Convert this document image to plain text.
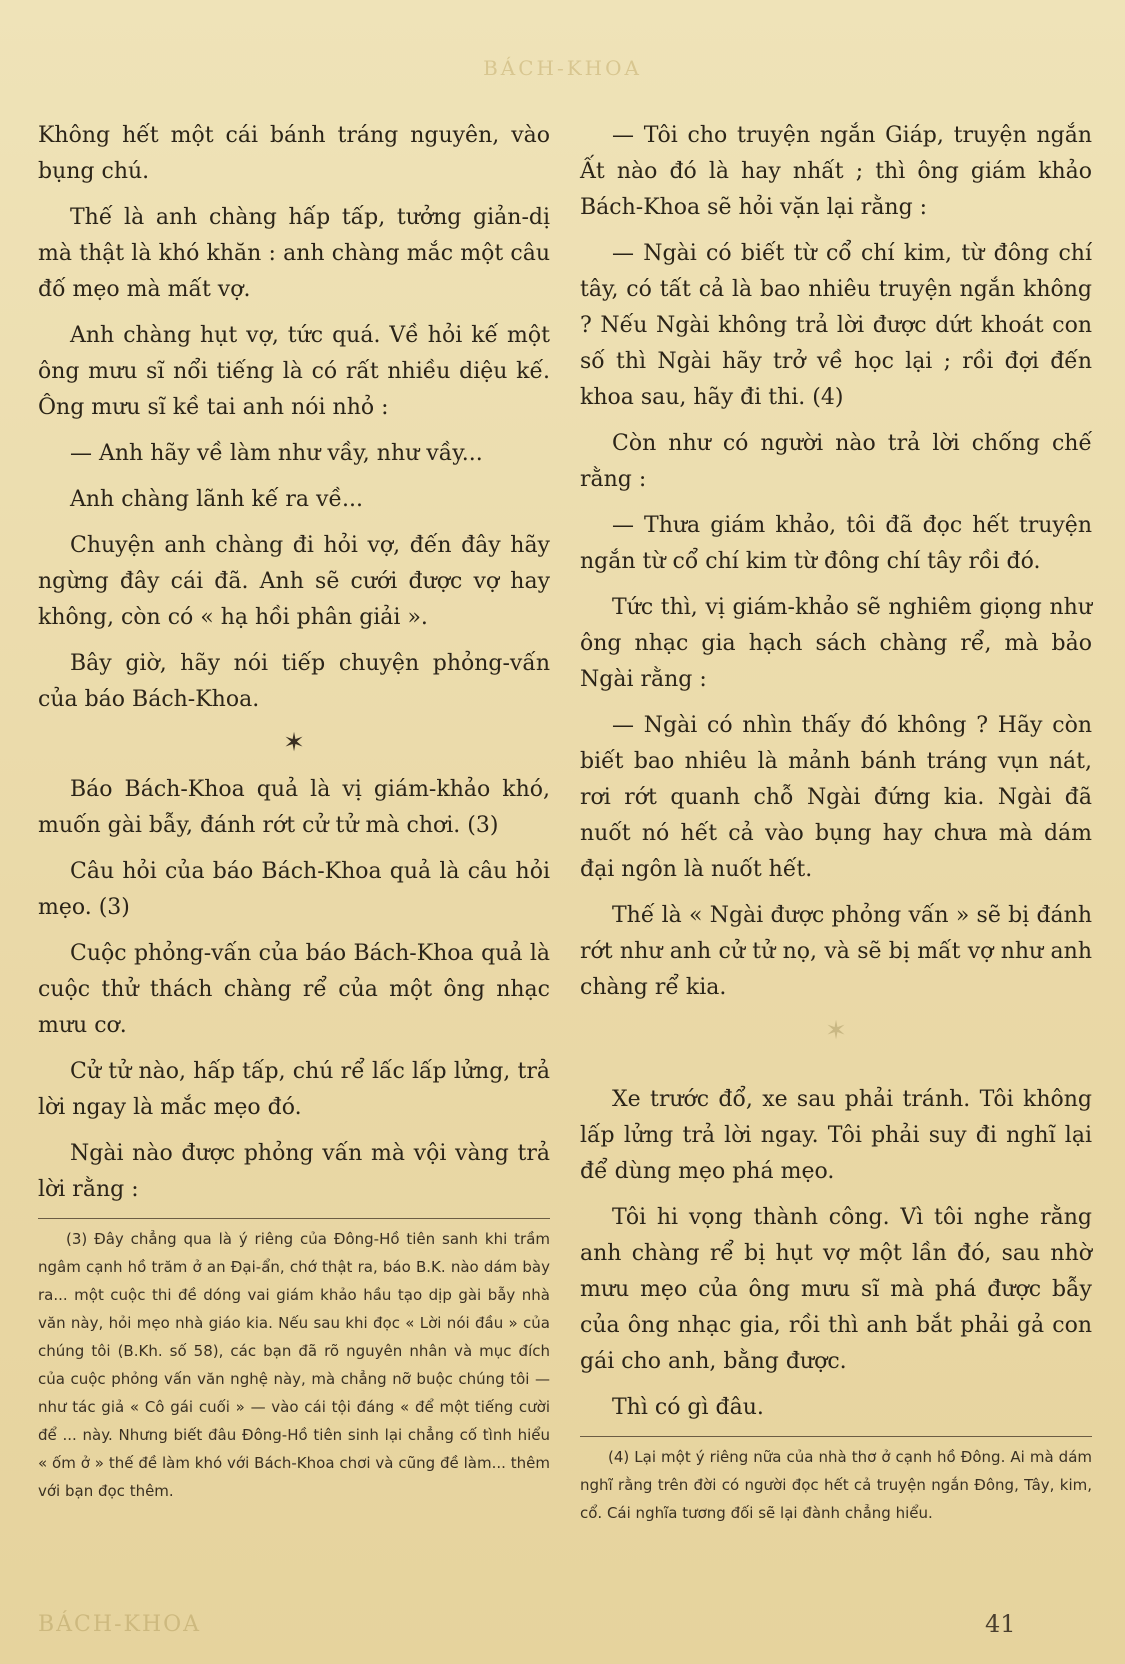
BÁCH-KHOA

Không hết một cái bánh tráng nguyên, vào bụng chú.

Thế là anh chàng hấp tấp, tưởng giản-dị mà thật là khó khăn : anh chàng mắc một câu đố mẹo mà mất vợ.

Anh chàng hụt vợ, tức quá. Về hỏi kế một ông mưu sĩ nổi tiếng là có rất nhiều diệu kế. Ông mưu sĩ kề tai anh nói nhỏ :

— Anh hãy về làm như vầy, như vầy...

Anh chàng lãnh kế ra về...

Chuyện anh chàng đi hỏi vợ, đến đây hãy ngừng đây cái đã. Anh sẽ cưới được vợ hay không, còn có « hạ hồi phân giải ».

Bây giờ, hãy nói tiếp chuyện phỏng-vấn của báo Bách-Khoa.

✶

Báo Bách-Khoa quả là vị giám-khảo khó, muốn gài bẫy, đánh rớt cử tử mà chơi. (3)

Câu hỏi của báo Bách-Khoa quả là câu hỏi mẹo. (3)

Cuộc phỏng-vấn của báo Bách-Khoa quả là cuộc thử thách chàng rể của một ông nhạc mưu cơ.

Cử tử nào, hấp tấp, chú rể lấc lấp lửng, trả lời ngay là mắc mẹo đó.

Ngài nào được phỏng vấn mà vội vàng trả lời rằng :

(3) Đây chẳng qua là ý riêng của Đông-Hồ tiên sanh khi trầm ngâm cạnh hồ trăm ở an Đại-ẩn, chớ thật ra, báo B.K. nào dám bày ra... một cuộc thi đề dóng vai giám khảo hầu tạo dịp gài bẫy nhà văn này, hỏi mẹo nhà giáo kia. Nếu sau khi đọc « Lời nói đầu » của chúng tôi (B.Kh. số 58), các bạn đã rõ nguyên nhân và mục đích của cuộc phỏng vấn văn nghệ này, mà chẳng nỡ buộc chúng tôi — như tác giả « Cô gái cuối » — vào cái tội đáng « để một tiếng cười để ... này. Nhưng biết đâu Đông-Hồ tiên sinh lại chẳng cố tình hiểu « ốm ở » thế đề làm khó với Bách-Khoa chơi và cũng đề làm... thêm với bạn đọc thêm.

— Tôi cho truyện ngắn Giáp, truyện ngắn Ất nào đó là hay nhất ; thì ông giám khảo Bách-Khoa sẽ hỏi vặn lại rằng :

— Ngài có biết từ cổ chí kim, từ đông chí tây, có tất cả là bao nhiêu truyện ngắn không ? Nếu Ngài không trả lời được dứt khoát con số thì Ngài hãy trở về học lại ; rồi đợi đến khoa sau, hãy đi thi. (4)

Còn như có người nào trả lời chống chế rằng :

— Thưa giám khảo, tôi đã đọc hết truyện ngắn từ cổ chí kim từ đông chí tây rồi đó.

Tức thì, vị giám-khảo sẽ nghiêm giọng như ông nhạc gia hạch sách chàng rể, mà bảo Ngài rằng :

— Ngài có nhìn thấy đó không ? Hãy còn biết bao nhiêu là mảnh bánh tráng vụn nát, rơi rớt quanh chỗ Ngài đứng kia. Ngài đã nuốt nó hết cả vào bụng hay chưa mà dám đại ngôn là nuốt hết.

Thế là « Ngài được phỏng vấn » sẽ bị đánh rớt như anh cử tử nọ, và sẽ bị mất vợ như anh chàng rể kia.

✶

Xe trước đổ, xe sau phải tránh. Tôi không lấp lửng trả lời ngay. Tôi phải suy đi nghĩ lại để dùng mẹo phá mẹo.

Tôi hi vọng thành công. Vì tôi nghe rằng anh chàng rể bị hụt vợ một lần đó, sau nhờ mưu mẹo của ông mưu sĩ mà phá được bẫy của ông nhạc gia, rồi thì anh bắt phải gả con gái cho anh, bằng được.

Thì có gì đâu.

(4) Lại một ý riêng nữa của nhà thơ ở cạnh hồ Đông. Ai mà dám nghĩ rằng trên đời có người đọc hết cả truyện ngắn Đông, Tây, kim, cổ. Cái nghĩa tương đối sẽ lại đành chẳng hiểu.

BÁCH-KHOA	41
